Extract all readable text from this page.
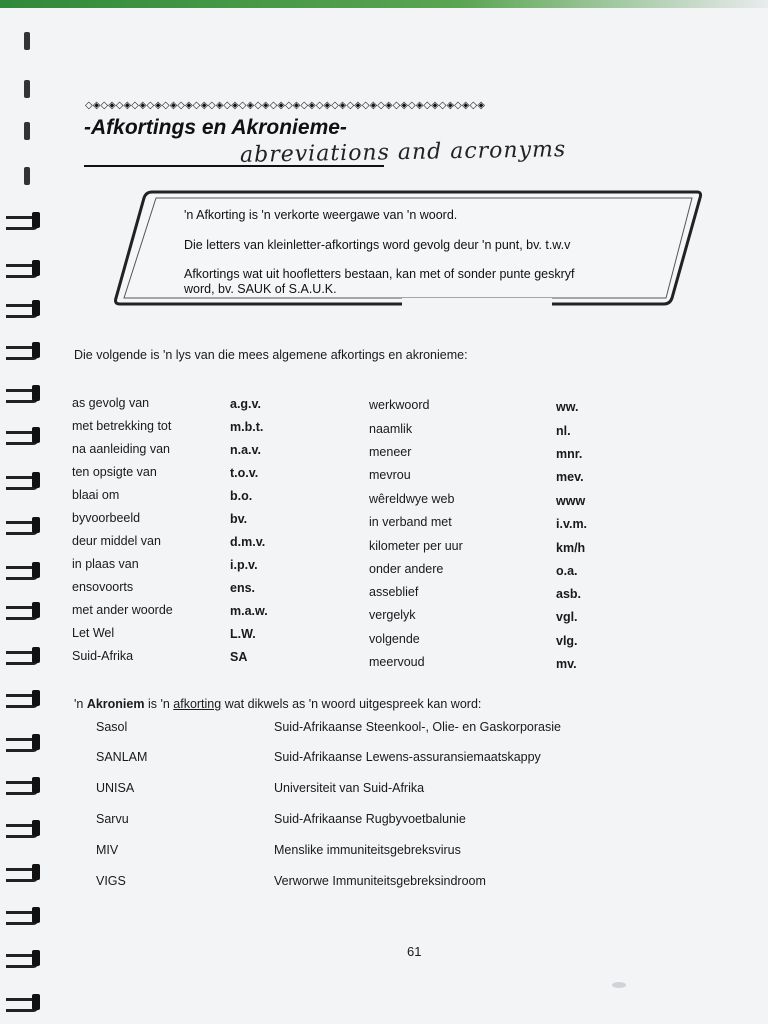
◇◈◇◈◇◈◇◈◇◈◇◈◇◈◇◈◇◈◇◈◇◈◇◈◇◈◇◈◇◈◇◈◇◈◇◈◇◈◇◈◇◈◇◈◇◈◇◈◇◈◇◈
-Afkortings en Akronieme-
abreviations and acronyms
'n Afkorting is 'n verkorte weergawe van 'n woord.
Die letters van kleinletter-afkortings word gevolg deur 'n punt, bv. t.w.v
Afkortings wat uit hoofletters bestaan, kan met of sonder punte geskryf
word, bv. SAUK of S.A.U.K.
Die volgende is 'n lys van die mees algemene afkortings en akronieme:
as gevolg van	a.g.v.	werkwoord	ww.
met betrekking tot	m.b.t.	naamlik	nl.
na aanleiding van	n.a.v.	meneer	mnr.
ten opsigte van	t.o.v.	mevrou	mev.
blaai om	b.o.	wêreldwye web	www
byvoorbeeld	bv.	in verband met	i.v.m.
deur middel van	d.m.v.	kilometer per uur	km/h
in plaas van	i.p.v.	onder andere	o.a.
ensovoorts	ens.	asseblief	asb.
met ander woorde	m.a.w.	vergelyk	vgl.
Let Wel	L.W.	volgende	vlg.
Suid-Afrika	SA	meervoud	mv.
'n Akroniem is 'n afkorting wat dikwels as 'n woord uitgespreek kan word:
Sasol	Suid-Afrikaanse Steenkool-, Olie- en Gaskorporasie
SANLAM	Suid-Afrikaanse Lewens-assuransiemaatskappy
UNISA	Universiteit van Suid-Afrika
Sarvu	Suid-Afrikaanse Rugbyvoetbalunie
MIV	Menslike immuniteitsgebreksvirus
VIGS	Verworwe Immuniteitsgebreksindroom
61
